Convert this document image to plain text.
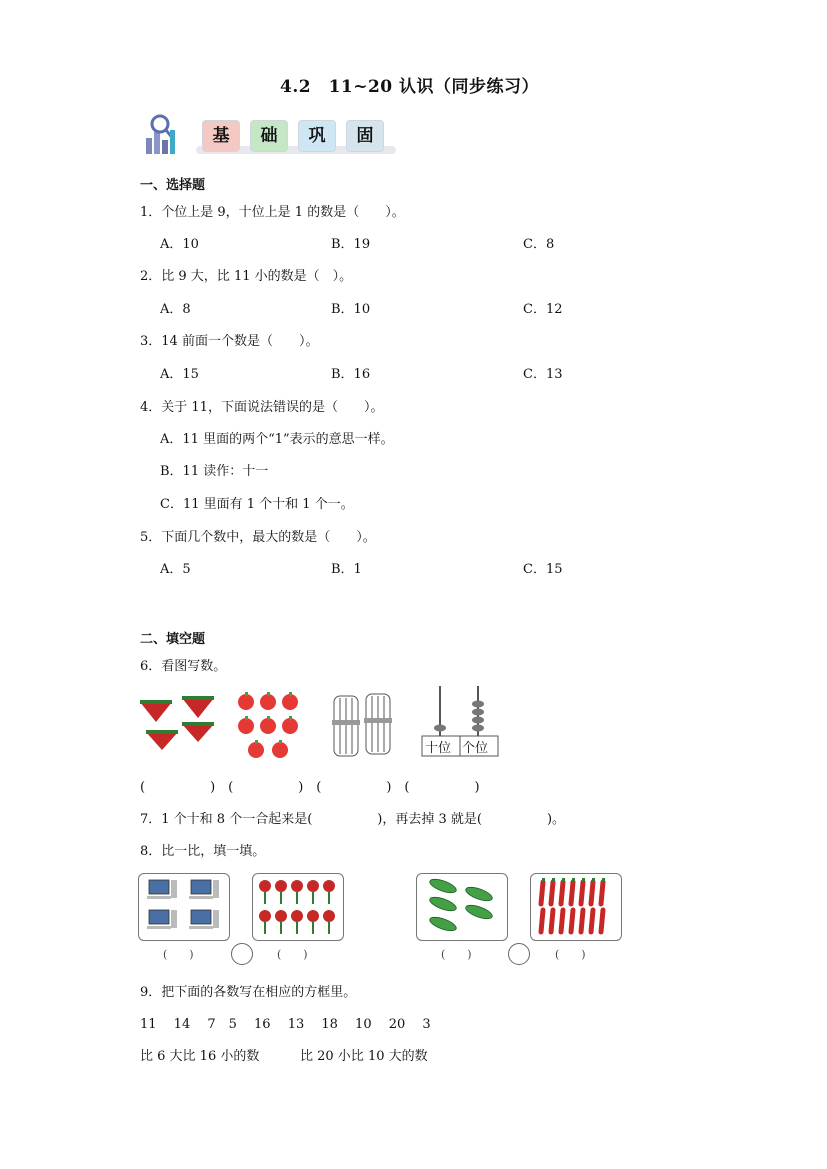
4.2　11~20 认识（同步练习）
基	础	巩	固
一、选择题
1．个位上是 9，十位上是 1 的数是（　　）。
A．10	B．19	C．8
2．比 9 大，比 11 小的数是（　）。
A．8	B．10	C．12
3．14 前面一个数是（　　）。
A．15	B．16	C．13
4．关于 11，下面说法错误的是（　　）。
A．11 里面的两个“1”表示的意思一样。
B．11 读作：十一
C．11 里面有 1 个十和 1 个一。
5．下面几个数中，最大的数是（　　）。
A．5	B．1	C．15
二、填空题
6．看图写数。
十位 个位
(　　　　　)　(　　　　　)　(　　　　　)　(　　　　　)
7．1 个十和 8 个一合起来是(　　　　　)，再去掉 3 就是(　　　　　)。
8．比一比，填一填。
(　　)	(　　)	(　　)	(　　)
9．把下面的各数写在相应的方框里。
11　 14　 7　5　 16　 13　 18　 10　 20　 3
比 6 大比 16 小的数	比 20 小比 10 大的数
